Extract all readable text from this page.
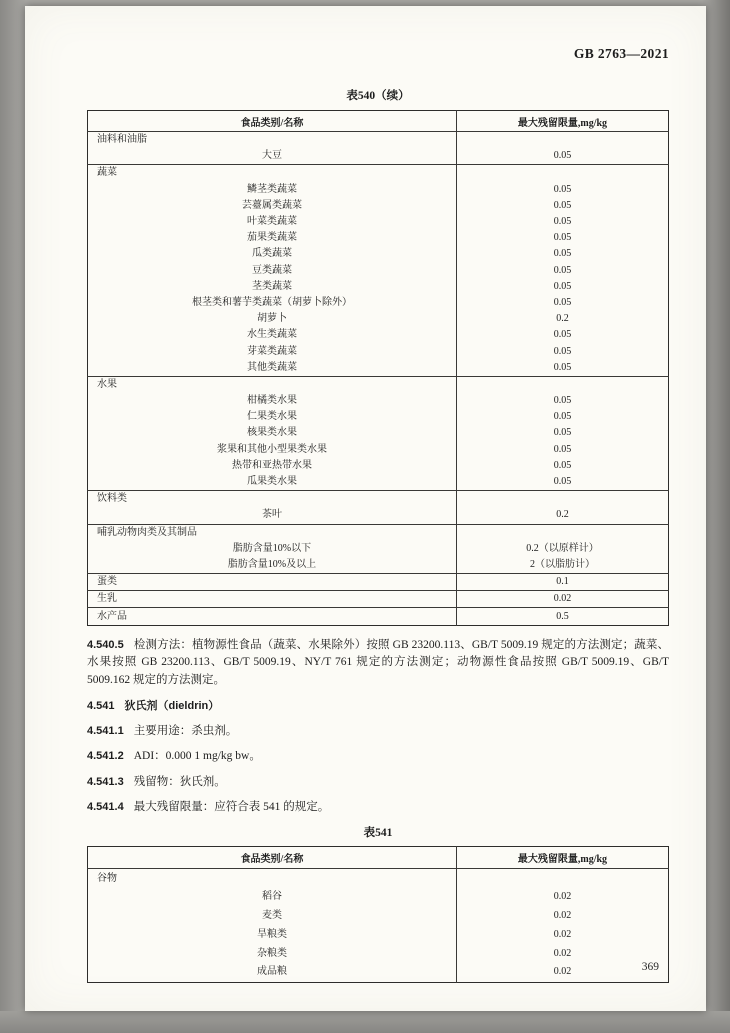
GB 2763—2021
表540（续）
食品类别/名称	最大残留限量,mg/kg
油料和油脂	
大豆	0.05
蔬菜	
鳞茎类蔬菜	0.05
芸薹属类蔬菜	0.05
叶菜类蔬菜	0.05
茄果类蔬菜	0.05
瓜类蔬菜	0.05
豆类蔬菜	0.05
茎类蔬菜	0.05
根茎类和薯芋类蔬菜（胡萝卜除外）	0.05
胡萝卜	0.2
水生类蔬菜	0.05
芽菜类蔬菜	0.05
其他类蔬菜	0.05
水果	
柑橘类水果	0.05
仁果类水果	0.05
核果类水果	0.05
浆果和其他小型果类水果	0.05
热带和亚热带水果	0.05
瓜果类水果	0.05
饮料类	
茶叶	0.2
哺乳动物肉类及其制品	
脂肪含量10%以下	0.2（以原样计）
脂肪含量10%及以上	2（以脂肪计）
蛋类	0.1
生乳	0.02
水产品	0.5

4.540.5 检测方法：植物源性食品（蔬菜、水果除外）按照 GB 23200.113、GB/T 5009.19 规定的方法测定；蔬菜、水果按照 GB 23200.113、GB/T 5009.19、NY/T 761 规定的方法测定；动物源性食品按照 GB/T 5009.19、GB/T 5009.162 规定的方法测定。

4.541 狄氏剂（dieldrin）

4.541.1 主要用途：杀虫剂。

4.541.2 ADI：0.000 1 mg/kg bw。

4.541.3 残留物：狄氏剂。

4.541.4 最大残留限量：应符合表 541 的规定。

表541
食品类别/名称	最大残留限量,mg/kg
谷物	
稻谷	0.02
麦类	0.02
旱粮类	0.02
杂粮类	0.02
成品粮	0.02	369
